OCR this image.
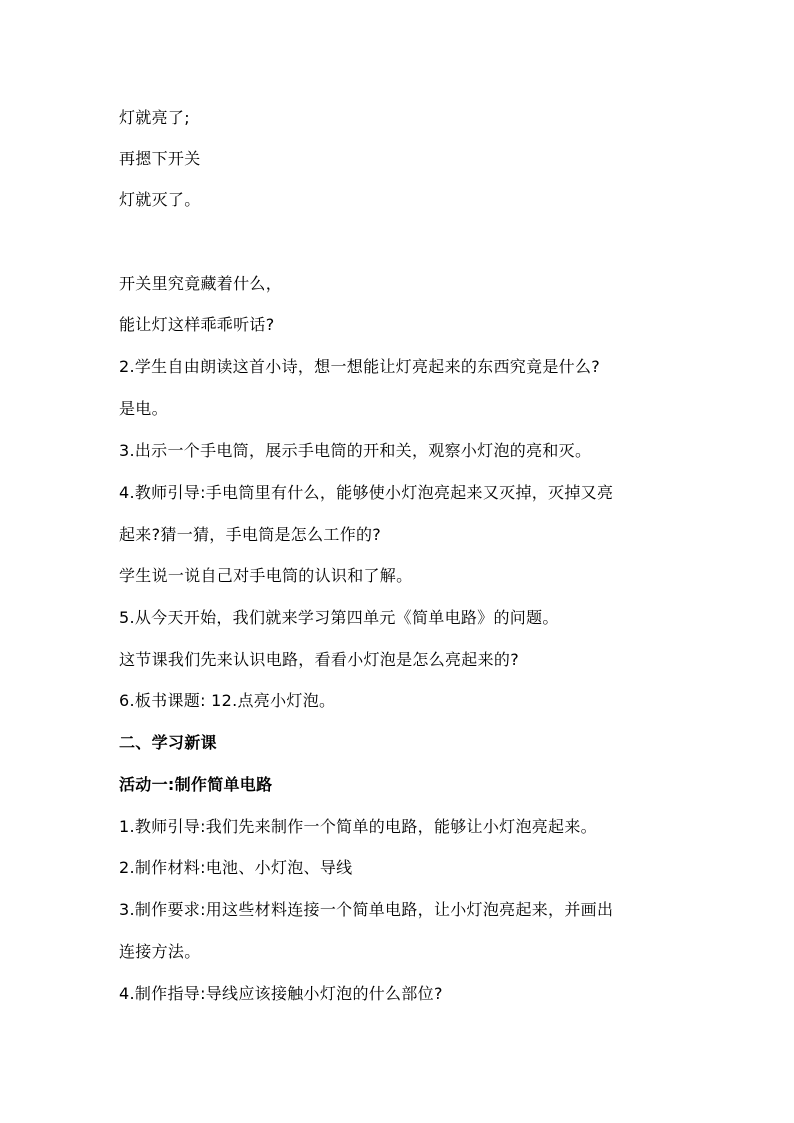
灯就亮了;
再摁下开关
灯就灭了。
开关里究竟藏着什么，
能让灯这样乖乖听话?
2.学生自由朗读这首小诗，想一想能让灯亮起来的东西究竟是什么?
是电。
3.出示一个手电筒，展示手电筒的开和关，观察小灯泡的亮和灭。
4.教师引导:手电筒里有什么，能够使小灯泡亮起来又灭掉，灭掉又亮
起来?猜一猜，手电筒是怎么工作的?
学生说一说自己对手电筒的认识和了解。
5.从今天开始，我们就来学习第四单元《简单电路》的问题。
这节课我们先来认识电路，看看小灯泡是怎么亮起来的?
6.板书课题: 12.点亮小灯泡。
二、学习新课
活动一:制作简单电路
1.教师引导:我们先来制作一个简单的电路，能够让小灯泡亮起来。
2.制作材料:电池、小灯泡、导线
3.制作要求:用这些材料连接一个简单电路，让小灯泡亮起来，并画出
连接方法。
4.制作指导:导线应该接触小灯泡的什么部位?
